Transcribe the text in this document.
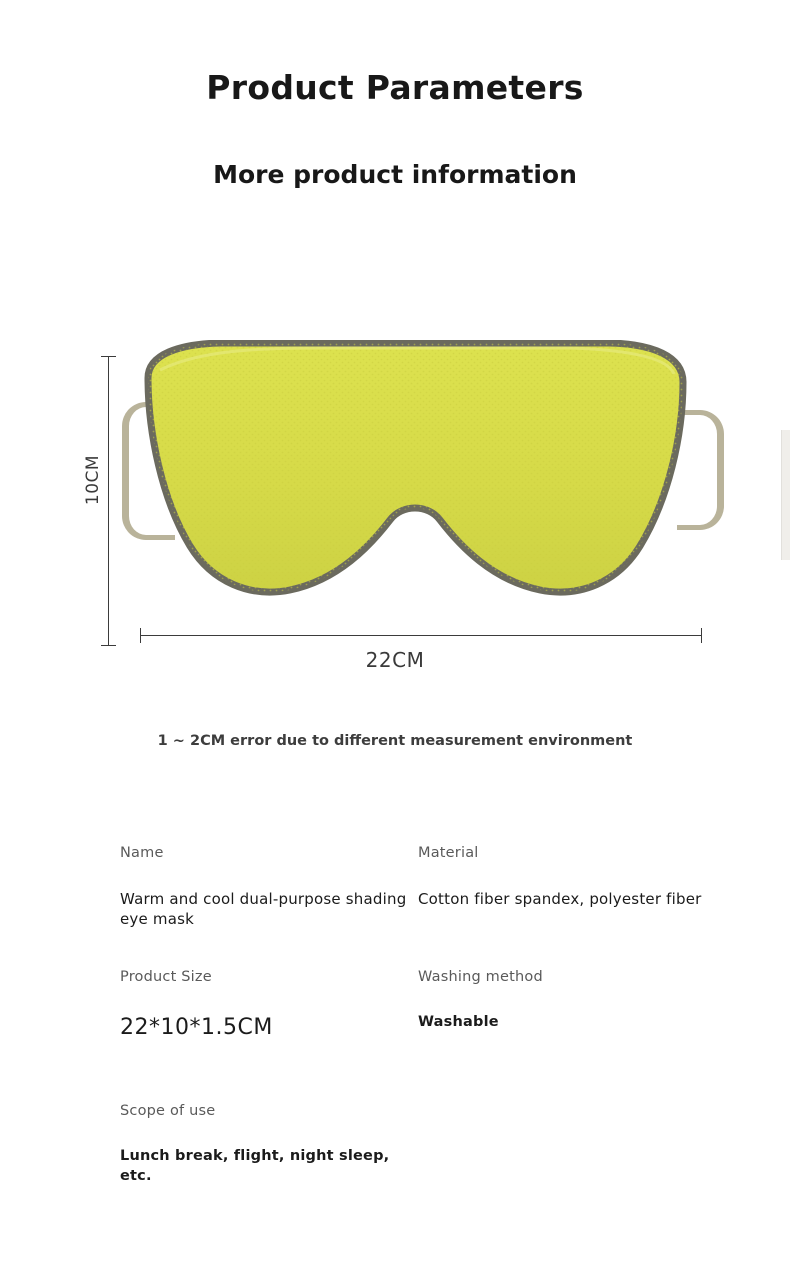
Product Parameters
More product information
10CM
22CM
1 ~ 2CM error due to different measurement environment
Name
Warm and cool dual-purpose shading eye mask
Material
Cotton fiber spandex, polyester fiber
Product Size
22*10*1.5CM
Washing method
Washable
Scope of use
Lunch break, flight, night sleep, etc.
